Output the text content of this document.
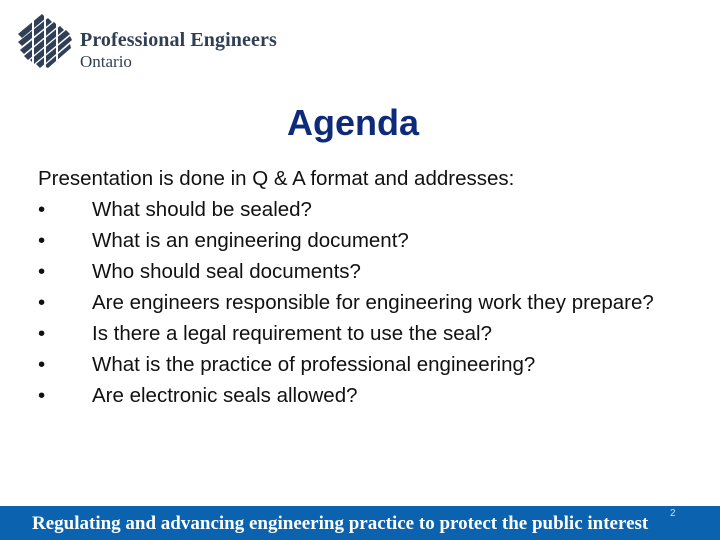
Professional Engineers
Ontario
Agenda
Presentation is done in Q & A format and addresses:
•	What should be sealed?
•	What is an engineering document?
•	Who should seal documents?
•	Are engineers responsible for engineering work they prepare?
•	Is there a legal requirement to use the seal?
•	What is the practice of professional engineering?
•	Are electronic seals allowed?
Regulating and advancing engineering practice to protect the public interest 2
